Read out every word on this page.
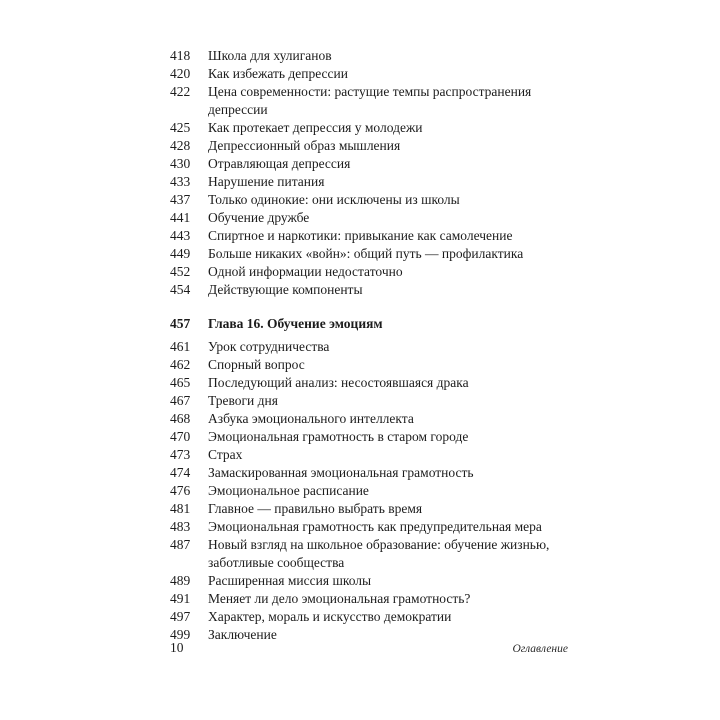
418	Школа для хулиганов
420	Как избежать депрессии
422	Цена современности: растущие темпы распространения депрессии
425	Как протекает депрессия у молодежи
428	Депрессионный образ мышления
430	Отравляющая депрессия
433	Нарушение питания
437	Только одинокие: они исключены из школы
441	Обучение дружбе
443	Спиртное и наркотики: привыкание как самолечение
449	Больше никаких «войн»: общий путь — профилактика
452	Одной информации недостаточно
454	Действующие компоненты
457	Глава 16. Обучение эмоциям
461	Урок сотрудничества
462	Спорный вопрос
465	Последующий анализ: несостоявшаяся драка
467	Тревоги дня
468	Азбука эмоционального интеллекта
470	Эмоциональная грамотность в старом городе
473	Страх
474	Замаскированная эмоциональная грамотность
476	Эмоциональное расписание
481	Главное — правильно выбрать время
483	Эмоциональная грамотность как предупредительная мера
487	Новый взгляд на школьное образование: обучение жизнью, заботливые сообщества
489	Расширенная миссия школы
491	Меняет ли дело эмоциональная грамотность?
497	Характер, мораль и искусство демократии
499	Заключение
10	Оглавление
